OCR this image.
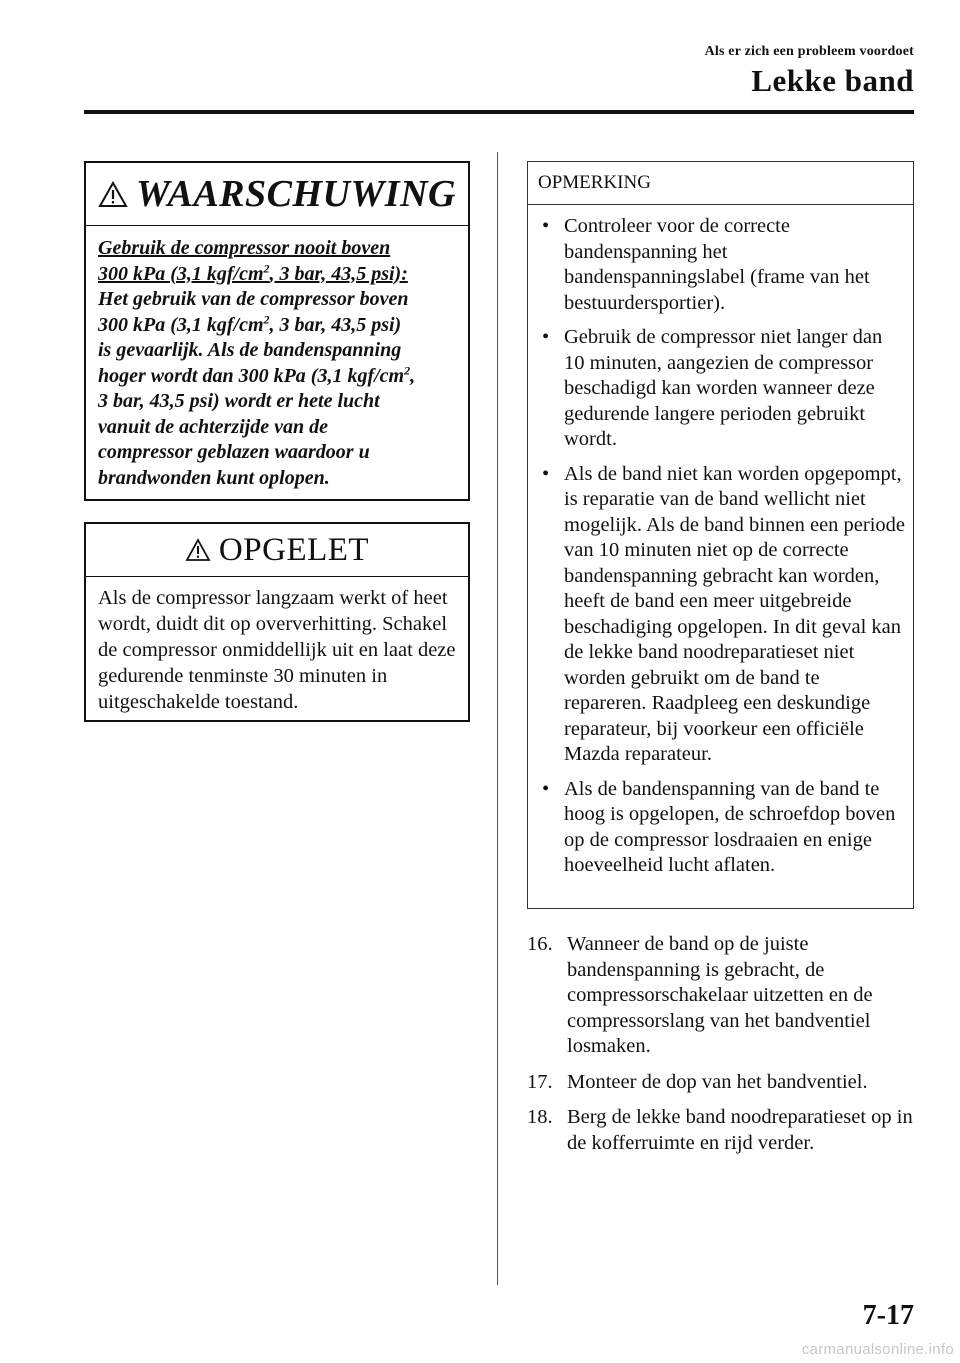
Als er zich een probleem voordoet
Lekke band
WAARSCHUWING
Gebruik de compressor nooit boven
300 kPa (3,1 kgf/$cm^2$, 3 bar, 43,5 psi):
Het gebruik van de compressor boven
300 kPa (3,1 kgf/$cm^2$, 3 bar, 43,5 psi)
is gevaarlijk. Als de bandenspanning
hoger wordt dan 300 kPa (3,1 kgf/$cm^2$,
3 bar, 43,5 psi) wordt er hete lucht
vanuit de achterzijde van de
compressor geblazen waardoor u
brandwonden kunt oplopen.
OPGELET
Als de compressor langzaam werkt of heet wordt, duidt dit op oververhitting. Schakel de compressor onmiddellijk uit en laat deze gedurende tenminste 30 minuten in uitgeschakelde toestand.
OPMERKING
• Controleer voor de correcte bandenspanning het bandenspanningslabel (frame van het bestuurdersportier).
• Gebruik de compressor niet langer dan 10 minuten, aangezien de compressor beschadigd kan worden wanneer deze gedurende langere perioden gebruikt wordt.
• Als de band niet kan worden opgepompt, is reparatie van de band wellicht niet mogelijk. Als de band binnen een periode van 10 minuten niet op de correcte bandenspanning gebracht kan worden, heeft de band een meer uitgebreide beschadiging opgelopen. In dit geval kan de lekke band noodreparatieset niet worden gebruikt om de band te repareren. Raadpleeg een deskundige reparateur, bij voorkeur een officiële Mazda reparateur.
• Als de bandenspanning van de band te hoog is opgelopen, de schroefdop boven op de compressor losdraaien en enige hoeveelheid lucht aflaten.
16. Wanneer de band op de juiste bandenspanning is gebracht, de compressorschakelaar uitzetten en de compressorslang van het bandventiel losmaken.
17. Monteer de dop van het bandventiel.
18. Berg de lekke band noodreparatieset op in de kofferruimte en rijd verder.
7-17
carmanualsonline.info
